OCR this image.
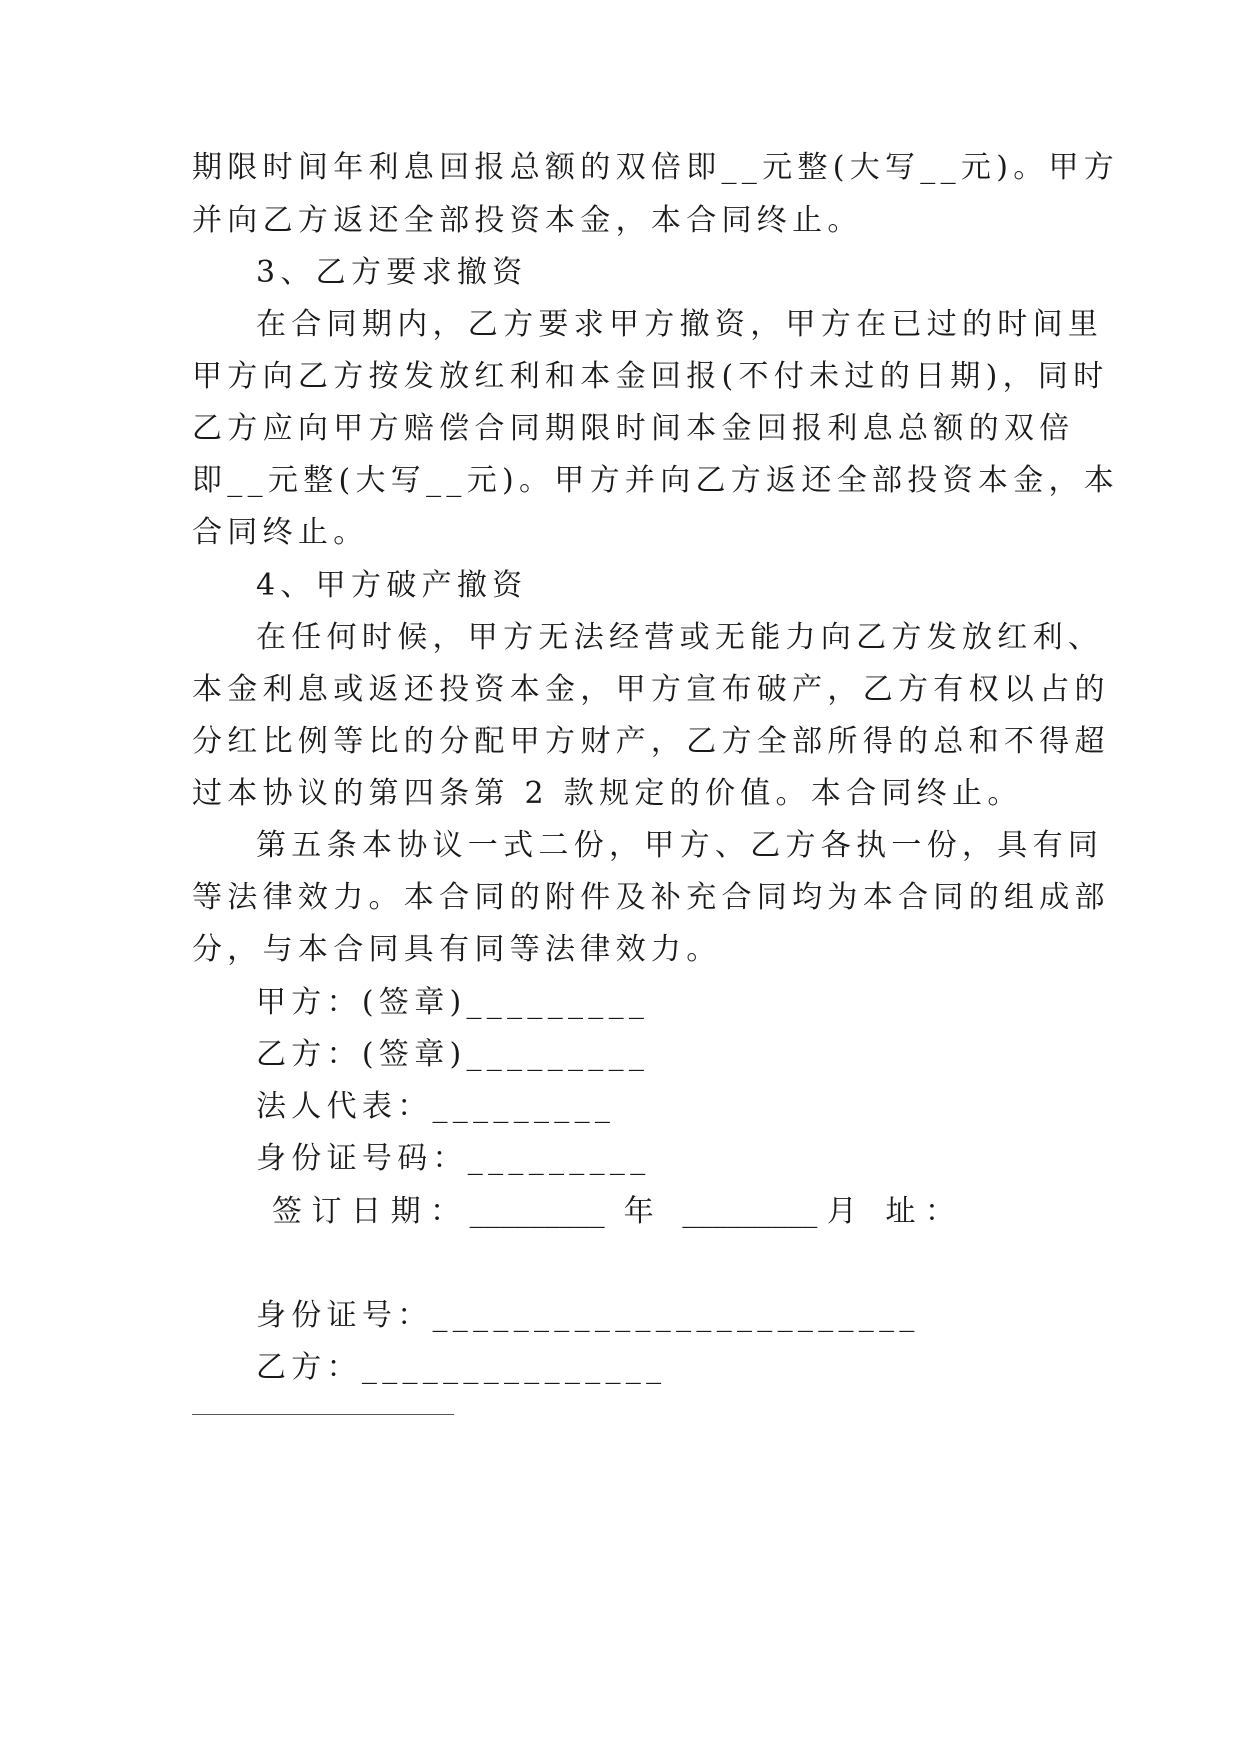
期限时间年利息回报总额的双倍即__元整(大写__元)。甲方
并向乙方返还全部投资本金，本合同终止。
3、乙方要求撤资
在合同期内，乙方要求甲方撤资，甲方在已过的时间里
甲方向乙方按发放红利和本金回报(不付未过的日期)，同时
乙方应向甲方赔偿合同期限时间本金回报利息总额的双倍
即__元整(大写__元)。甲方并向乙方返还全部投资本金，本
合同终止。
4、甲方破产撤资
在任何时候，甲方无法经营或无能力向乙方发放红利、
本金利息或返还投资本金，甲方宣布破产，乙方有权以占的
分红比例等比的分配甲方财产，乙方全部所得的总和不得超
过本协议的第四条第 2 款规定的价值。本合同终止。
第五条本协议一式二份，甲方、乙方各执一份，具有同
等法律效力。本合同的附件及补充合同均为本合同的组成部
分，与本合同具有同等法律效力。
甲方：(签章)_________
乙方：(签章)_________
法人代表：_________
身份证号码：_________
签 订 日 期 ： _________  年   _________ 月   址 ：
身份证号：________________________
乙方：_______________
